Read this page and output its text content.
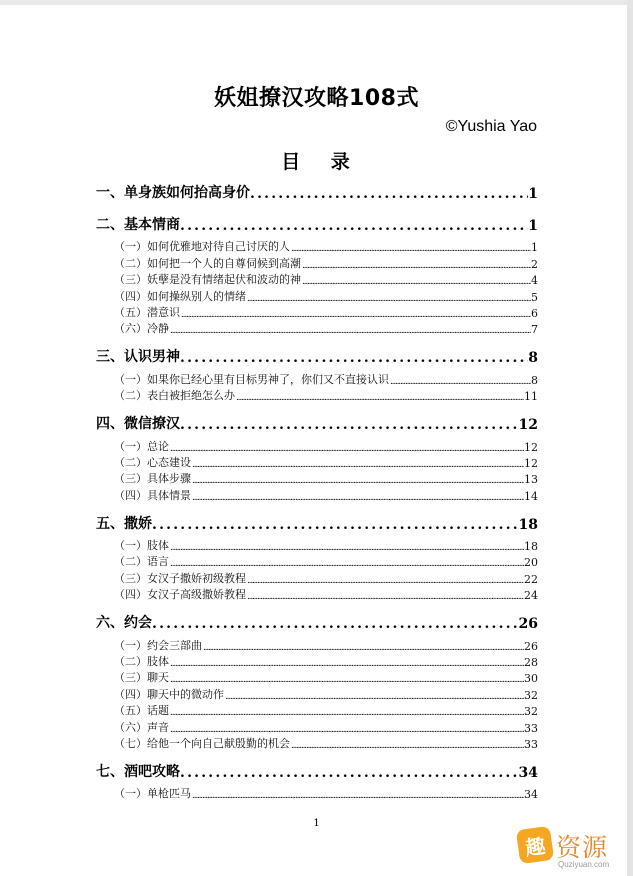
妖姐撩汉攻略108式
©Yushia Yao
目 录
一、单身族如何抬高身价 .....	1
二、基本情商 .....	1
（一）如何优雅地对待自己讨厌的人 .....	1
（二）如何把一个人的自尊伺候到高潮 .....	2
（三）妖孽是没有情绪起伏和波动的神 .....	4
（四）如何操纵别人的情绪 .....	5
（五）潜意识 .....	6
（六）冷静 .....	7
三、认识男神 .....	8
（一）如果你已经心里有目标男神了，你们又不直接认识 .....	8
（二）表白被拒绝怎么办 .....	11
四、微信撩汉 .....	12
（一）总论 .....	12
（二）心态建设 .....	12
（三）具体步骤 .....	13
（四）具体情景 .....	14
五、撒娇 .....	18
（一）肢体 .....	18
（二）语言 .....	20
（三）女汉子撒娇初级教程 .....	22
（四）女汉子高级撒娇教程 .....	24
六、约会 .....	26
（一）约会三部曲 .....	26
（二）肢体 .....	28
（三）聊天 .....	30
（四）聊天中的微动作 .....	32
（五）话题 .....	32
（六）声音 .....	33
（七）给他一个向自己献殷勤的机会 .....	33
七、酒吧攻略 .....	34
（一）单枪匹马 .....	34
1
趣 资源
Quziyuan.com
